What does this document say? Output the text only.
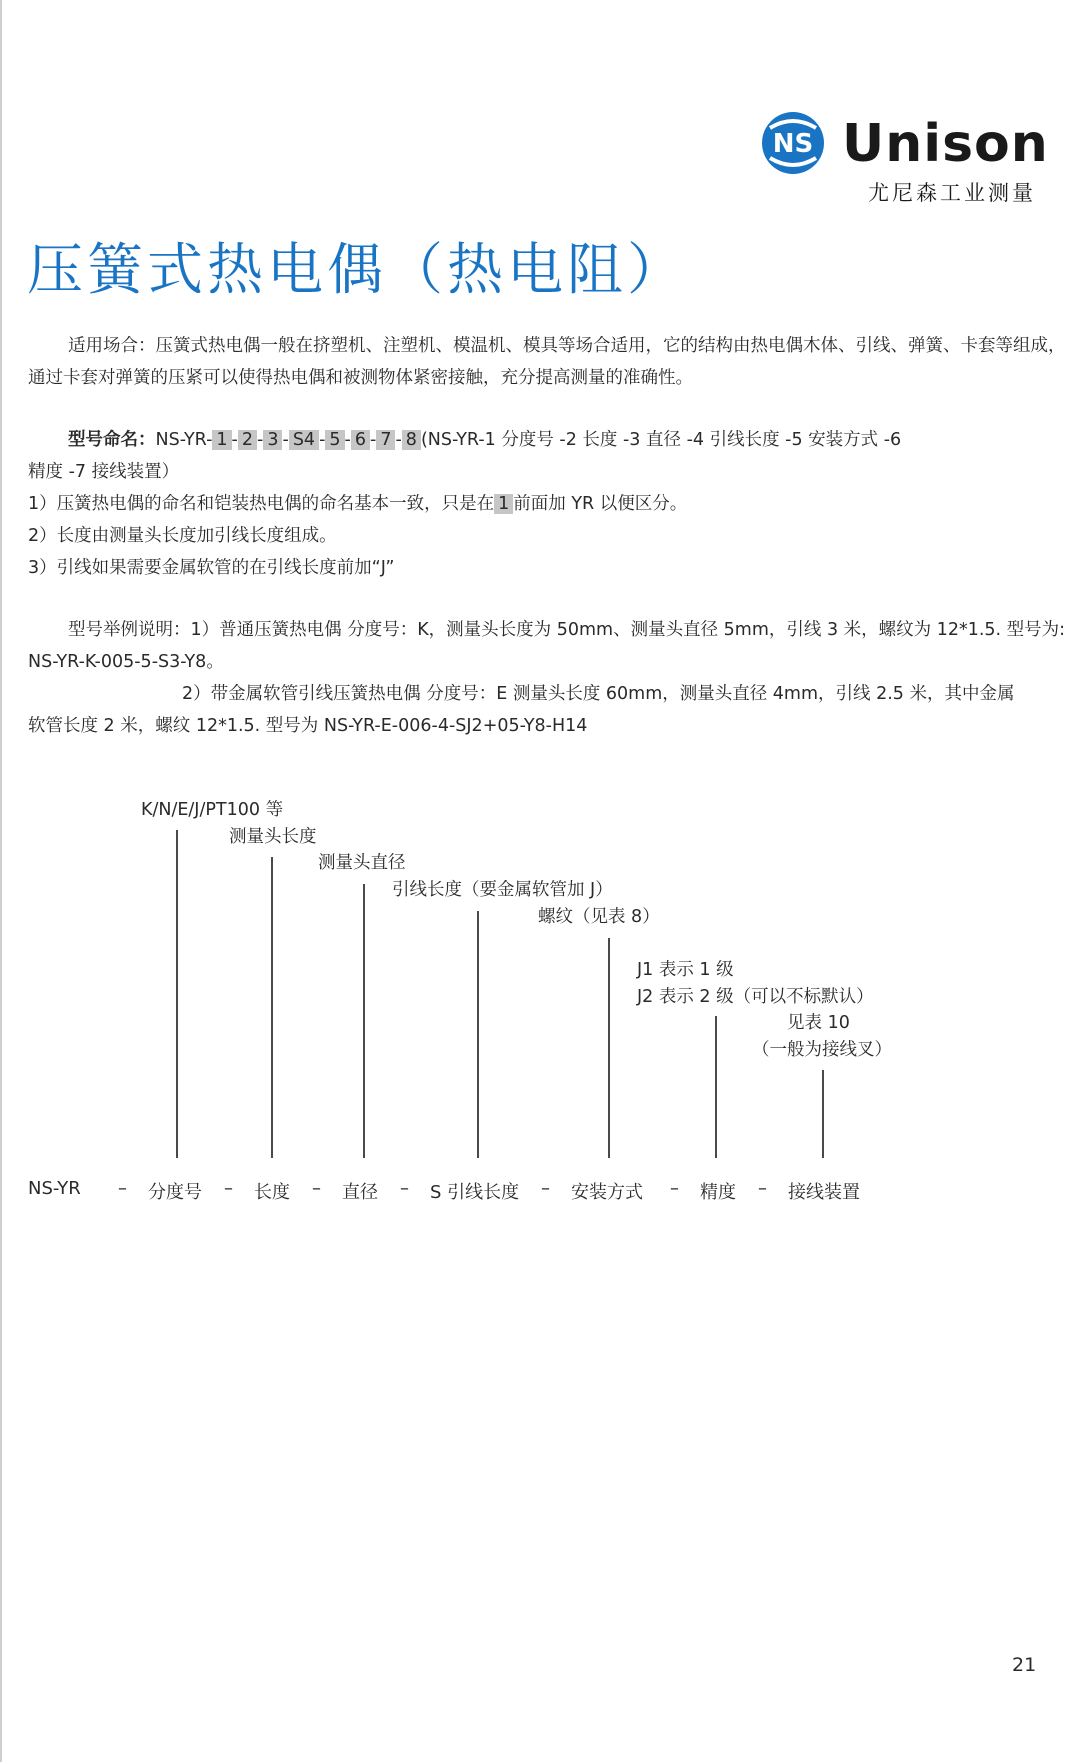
NS Unison
尤尼森工业测量
压簧式热电偶（热电阻）
适用场合：压簧式热电偶一般在挤塑机、注塑机、模温机、模具等场合适用，它的结构由热电偶木体、引线、弹簧、卡套等组成，
通过卡套对弹簧的压紧可以使得热电偶和被测物体紧密接触，充分提高测量的准确性。
型号命名：NS-YR- 1 - 2 - 3 - S4 - 5 - 6 - 7 - 8 (NS-YR-1 分度号 -2 长度 -3 直径 -4 引线长度 -5 安装方式 -6
精度 -7 接线装置）
1）压簧热电偶的命名和铠装热电偶的命名基本一致，只是在 1 前面加 YR 以便区分。
2）长度由测量头长度加引线长度组成。
3）引线如果需要金属软管的在引线长度前加“J”
型号举例说明：1）普通压簧热电偶 分度号：K，测量头长度为 50mm、测量头直径 5mm，引线 3 米，螺纹为 12*1.5. 型号为:
NS-YR-K-005-5-S3-Y8。
2）带金属软管引线压簧热电偶 分度号：E 测量头长度 60mm，测量头直径 4mm，引线 2.5 米，其中金属
软管长度 2 米，螺纹 12*1.5. 型号为 NS-YR-E-006-4-SJ2+05-Y8-H14
K/N/E/J/PT100 等
测量头长度
测量头直径
引线长度（要金属软管加 J）
螺纹（见表 8）
J1 表示 1 级
J2 表示 2 级（可以不标默认）
见表 10
（一般为接线叉）
NS-YR – 分度号 – 长度 – 直径 – S 引线长度 – 安装方式 – 精度 – 接线装置
21
